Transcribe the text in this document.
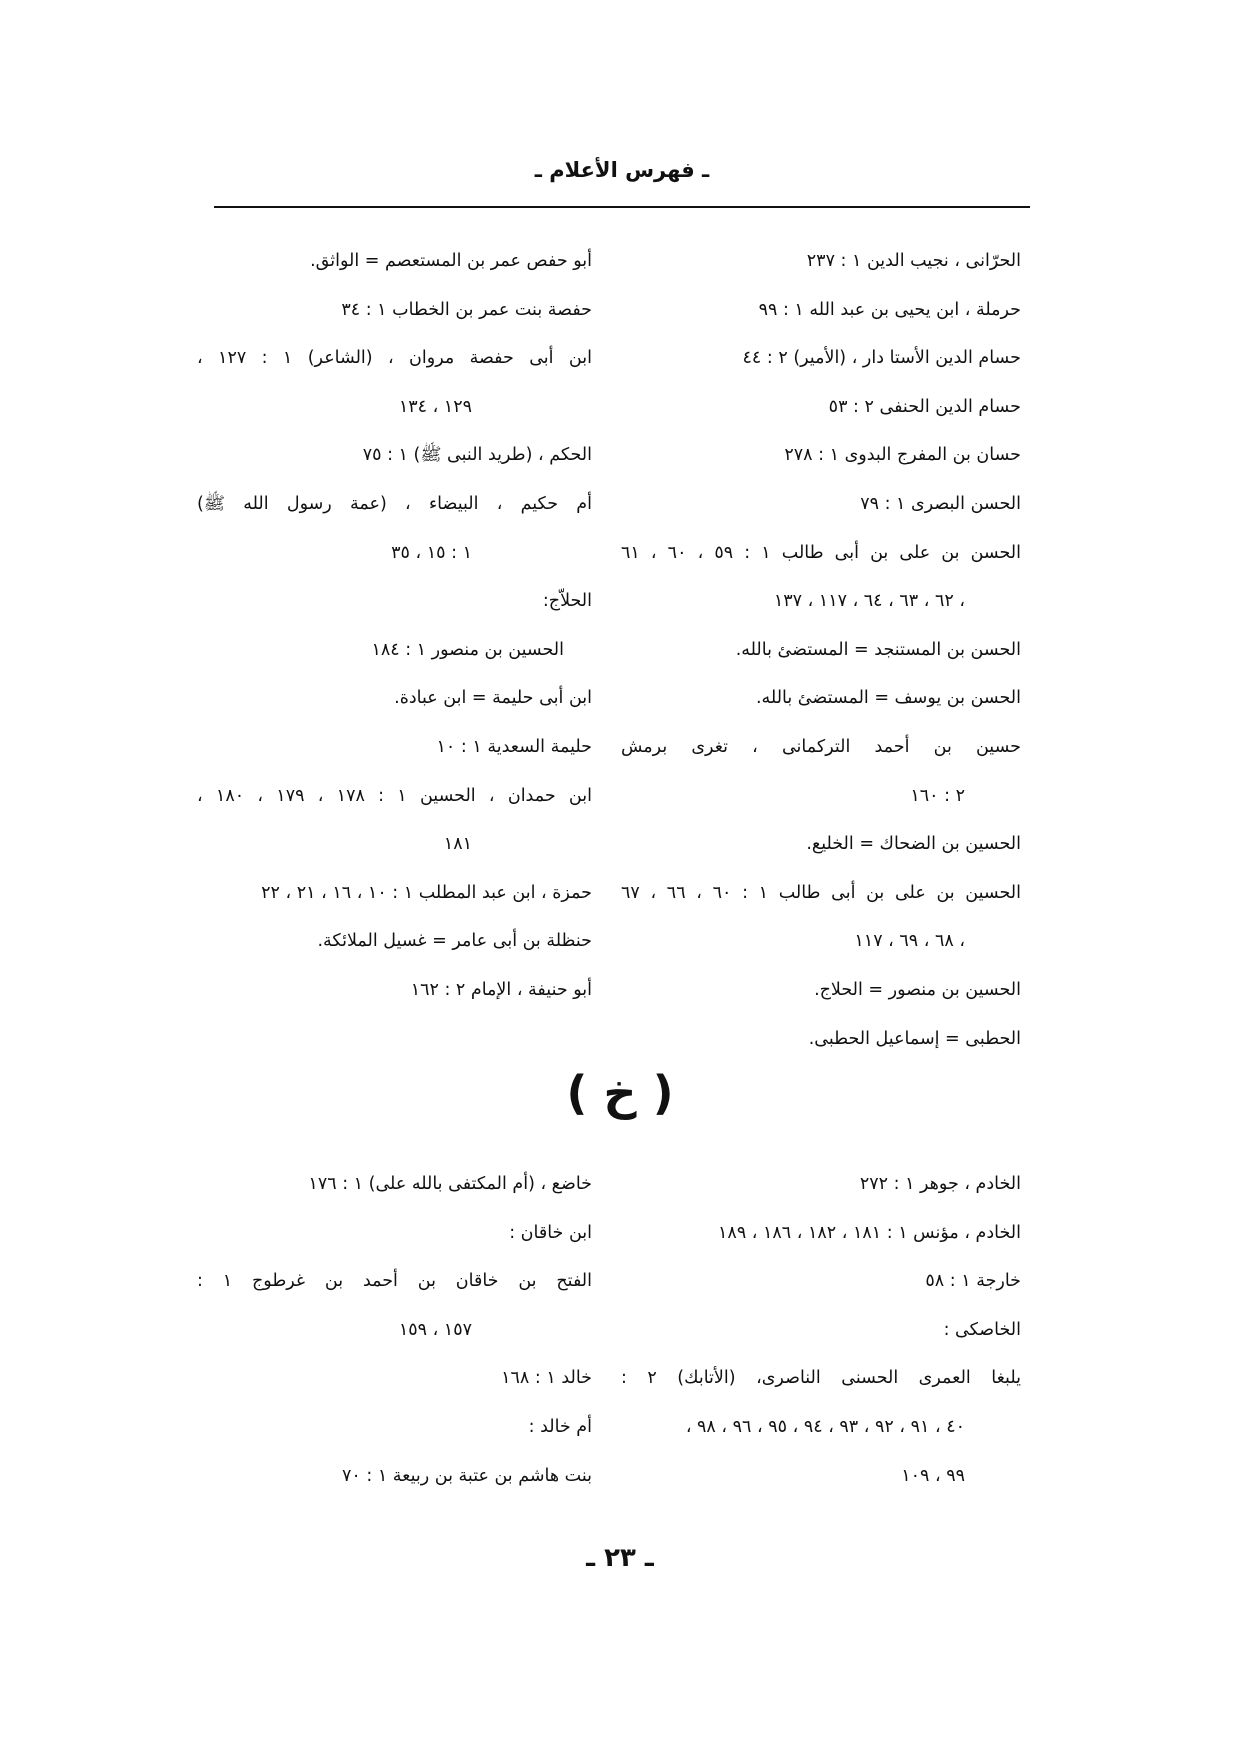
ـ فهرس الأعلام ـ
الحرّانى ، نجيب الدين ١ : ٢٣٧
حرملة ، ابن يحيى بن عبد الله ١ : ٩٩
حسام الدين الأستا دار ، (الأمير) ٢ : ٤٤
حسام الدين الحنفى ٢ : ٥٣
حسان بن المفرج البدوى ١ : ٢٧٨
الحسن البصرى ١ : ٧٩
الحسن بن على بن أبى طالب ١ : ٥٩ ، ٦٠ ، ٦١
، ٦٢ ، ٦٣ ، ٦٤ ، ١١٧ ، ١٣٧
الحسن بن المستنجد = المستضئ بالله.
الحسن بن يوسف = المستضئ بالله.
حسين بن أحمد التركمانى ، تغرى برمش
٢ : ١٦٠
الحسين بن الضحاك = الخليع.
الحسين بن على بن أبى طالب ١ : ٦٠ ، ٦٦ ، ٦٧
، ٦٨ ، ٦٩ ، ١١٧
الحسين بن منصور = الحلاج.
الحطبى = إسماعيل الحطبى.
أبو حفص عمر بن المستعصم = الواثق.
حفصة بنت عمر بن الخطاب ١ : ٣٤
ابن أبى حفصة مروان ، (الشاعر) ١ : ١٢٧ ،
١٢٩ ، ١٣٤
الحكم ، (طريد النبى ﷺ) ١ : ٧٥
أم حكيم ، البيضاء ، (عمة رسول الله ﷺ)
١ : ١٥ ، ٣٥
الحلاّج:
الحسين بن منصور ١ : ١٨٤
ابن أبى حليمة = ابن عبادة.
حليمة السعدية ١ : ١٠
ابن حمدان ، الحسين ١ : ١٧٨ ، ١٧٩ ، ١٨٠ ،
١٨١
حمزة ، ابن عبد المطلب ١ : ١٠ ، ١٦ ، ٢١ ، ٢٢
حنظلة بن أبى عامر = غسيل الملائكة.
أبو حنيفة ، الإمام ٢ : ١٦٢
( خ )
الخادم ، جوهر ١ : ٢٧٢
الخادم ، مؤنس ١ : ١٨١ ، ١٨٢ ، ١٨٦ ، ١٨٩
خارجة ١ : ٥٨
الخاصكى :
يلبغا العمرى الحسنى الناصرى، (الأتابك) ٢ :
٤٠ ، ٩١ ، ٩٢ ، ٩٣ ، ٩٤ ، ٩٥ ، ٩٦ ، ٩٨ ،
٩٩ ، ١٠٩
خاضع ، (أم المكتفى بالله على) ١ : ١٧٦
ابن خاقان :
الفتح بن خاقان بن أحمد بن غرطوج ١ :
١٥٧ ، ١٥٩
خالد ١ : ١٦٨
أم خالد :
بنت هاشم بن عتبة بن ربيعة ١ : ٧٠
ـ ٢٣ ـ
